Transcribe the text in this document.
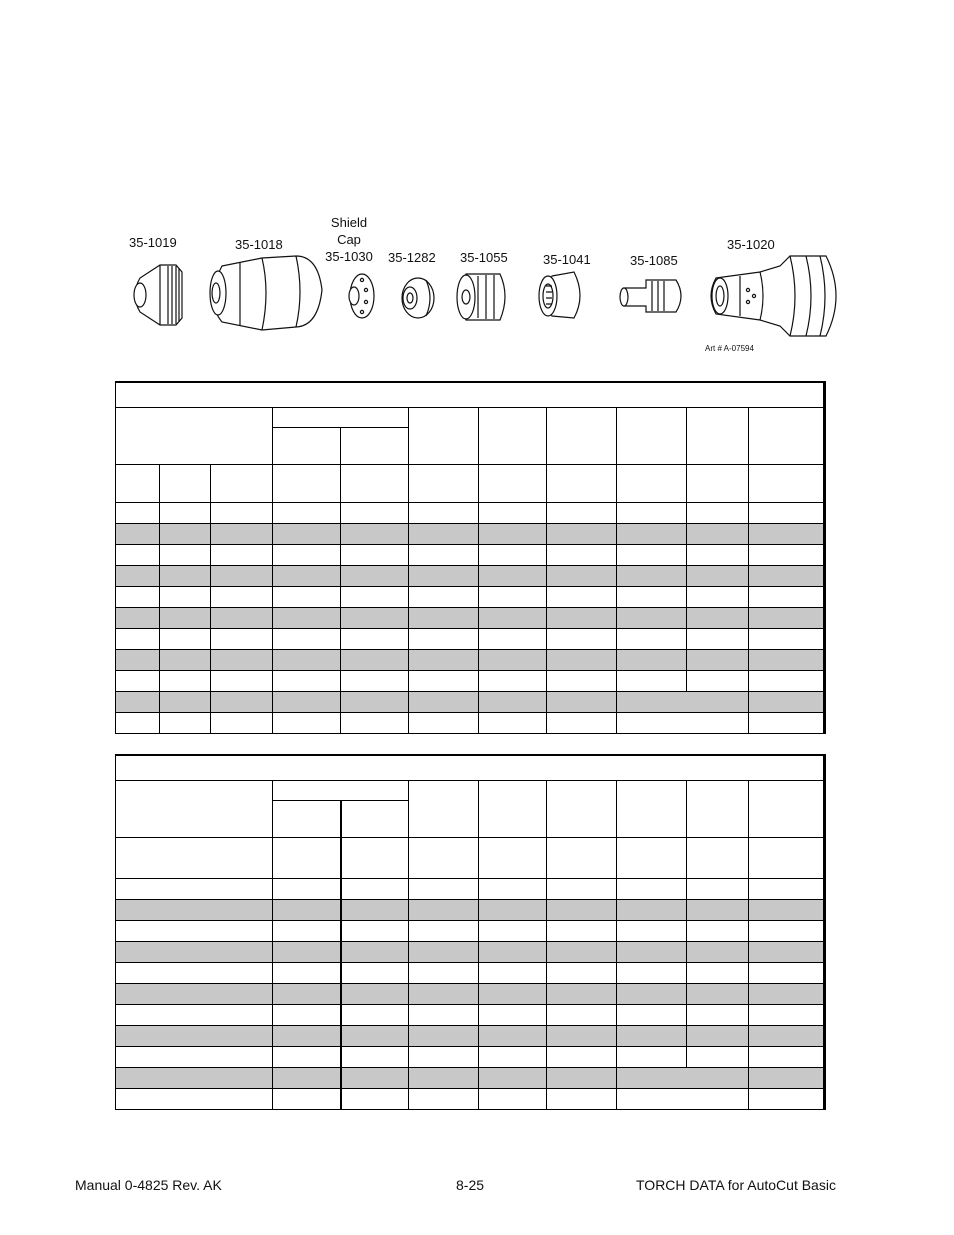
35-1019	35-1018
Shield
Cap
35-1030	35-1282 35-1055	35-1041	35-1085
35-1020
Art # A-07594

Manual 0-4825 Rev. AK	8-25	TORCH DATA for AutoCut Basic
